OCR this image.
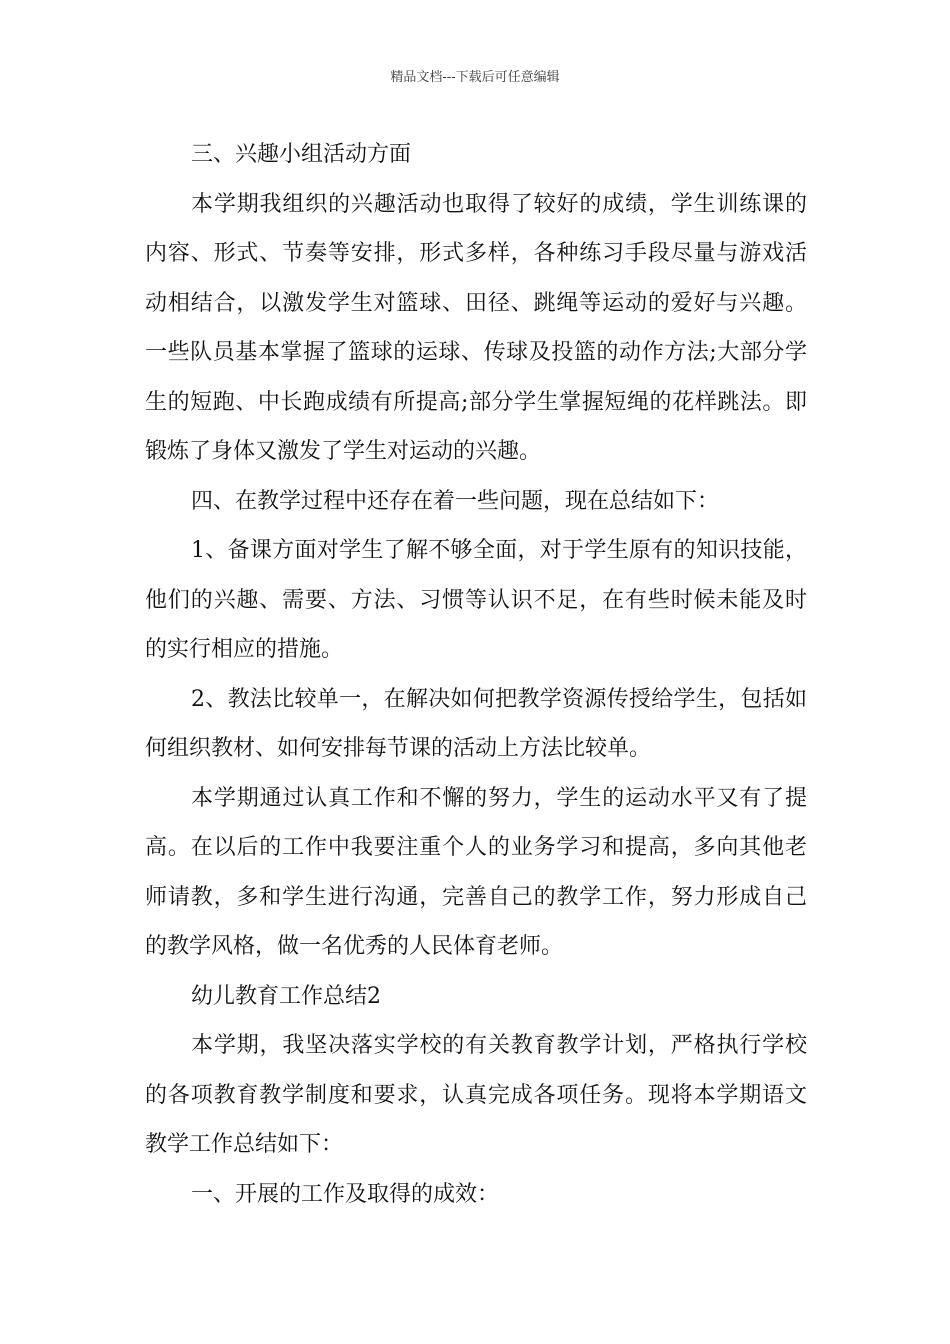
精品文档---下载后可任意编辑
三、兴趣小组活动方面
本学期我组织的兴趣活动也取得了较好的成绩，学生训练课的
内容、形式、节奏等安排，形式多样，各种练习手段尽量与游戏活
动相结合，以激发学生对篮球、田径、跳绳等运动的爱好与兴趣。
一些队员基本掌握了篮球的运球、传球及投篮的动作方法;大部分学
生的短跑、中长跑成绩有所提高;部分学生掌握短绳的花样跳法。即
锻炼了身体又激发了学生对运动的兴趣。
四、在教学过程中还存在着一些问题，现在总结如下：
1、备课方面对学生了解不够全面，对于学生原有的知识技能，
他们的兴趣、需要、方法、习惯等认识不足，在有些时候未能及时
的实行相应的措施。
2、教法比较单一，在解决如何把教学资源传授给学生，包括如
何组织教材、如何安排每节课的活动上方法比较单。
本学期通过认真工作和不懈的努力，学生的运动水平又有了提
高。在以后的工作中我要注重个人的业务学习和提高，多向其他老
师请教，多和学生进行沟通，完善自己的教学工作，努力形成自己
的教学风格，做一名优秀的人民体育老师。
幼儿教育工作总结2
本学期，我坚决落实学校的有关教育教学计划，严格执行学校
的各项教育教学制度和要求，认真完成各项任务。现将本学期语文
教学工作总结如下：
一、开展的工作及取得的成效：
